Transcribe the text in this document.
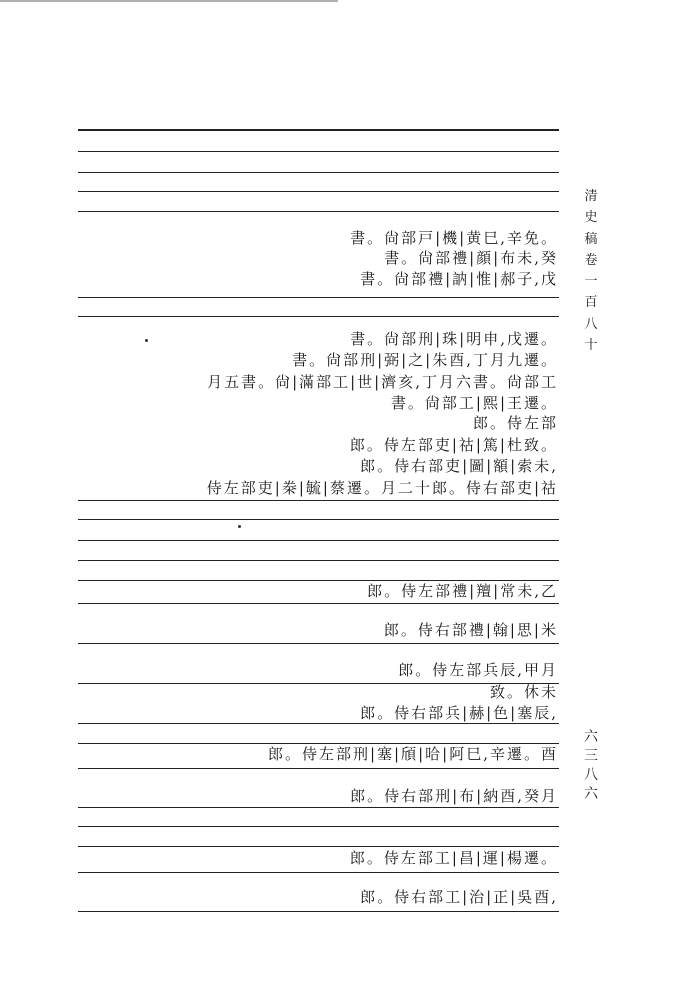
書。尙部戸|機|黄巳,辛免。
書。尙部禮|顔|布未,癸
書。尙部禮|訥|惟|郝子,戊
書。尙部刑|珠|明申,戊遷。
書。尙部刑|弼|之|朱酉,丁月九遷。
月五書。尙|滿部工|世|濟亥,丁月六書。尙部工
書。尙部工|熙|王遷。
郎。侍左部
郎。侍左部吏|祜|篤|杜致。
郎。侍右部吏|圖|額|索未,
侍左部吏|桊|毓|蔡遷。月二十郎。侍右部吏|祜
郎。侍左部禮|羶|常未,乙
郎。侍右部禮|翰|思|米
郎。侍左部兵辰,甲月
致。休未
郎。侍右部兵|赫|色|塞辰,
郎。侍左部刑|塞|頎|哈|阿巳,辛遷。酉
郎。侍右部刑|布|納酉,癸月
郎。侍左部工|昌|運|楊遷。
郎。侍右部工|治|正|吳酉,
清史稿卷一百八十
六三八六
